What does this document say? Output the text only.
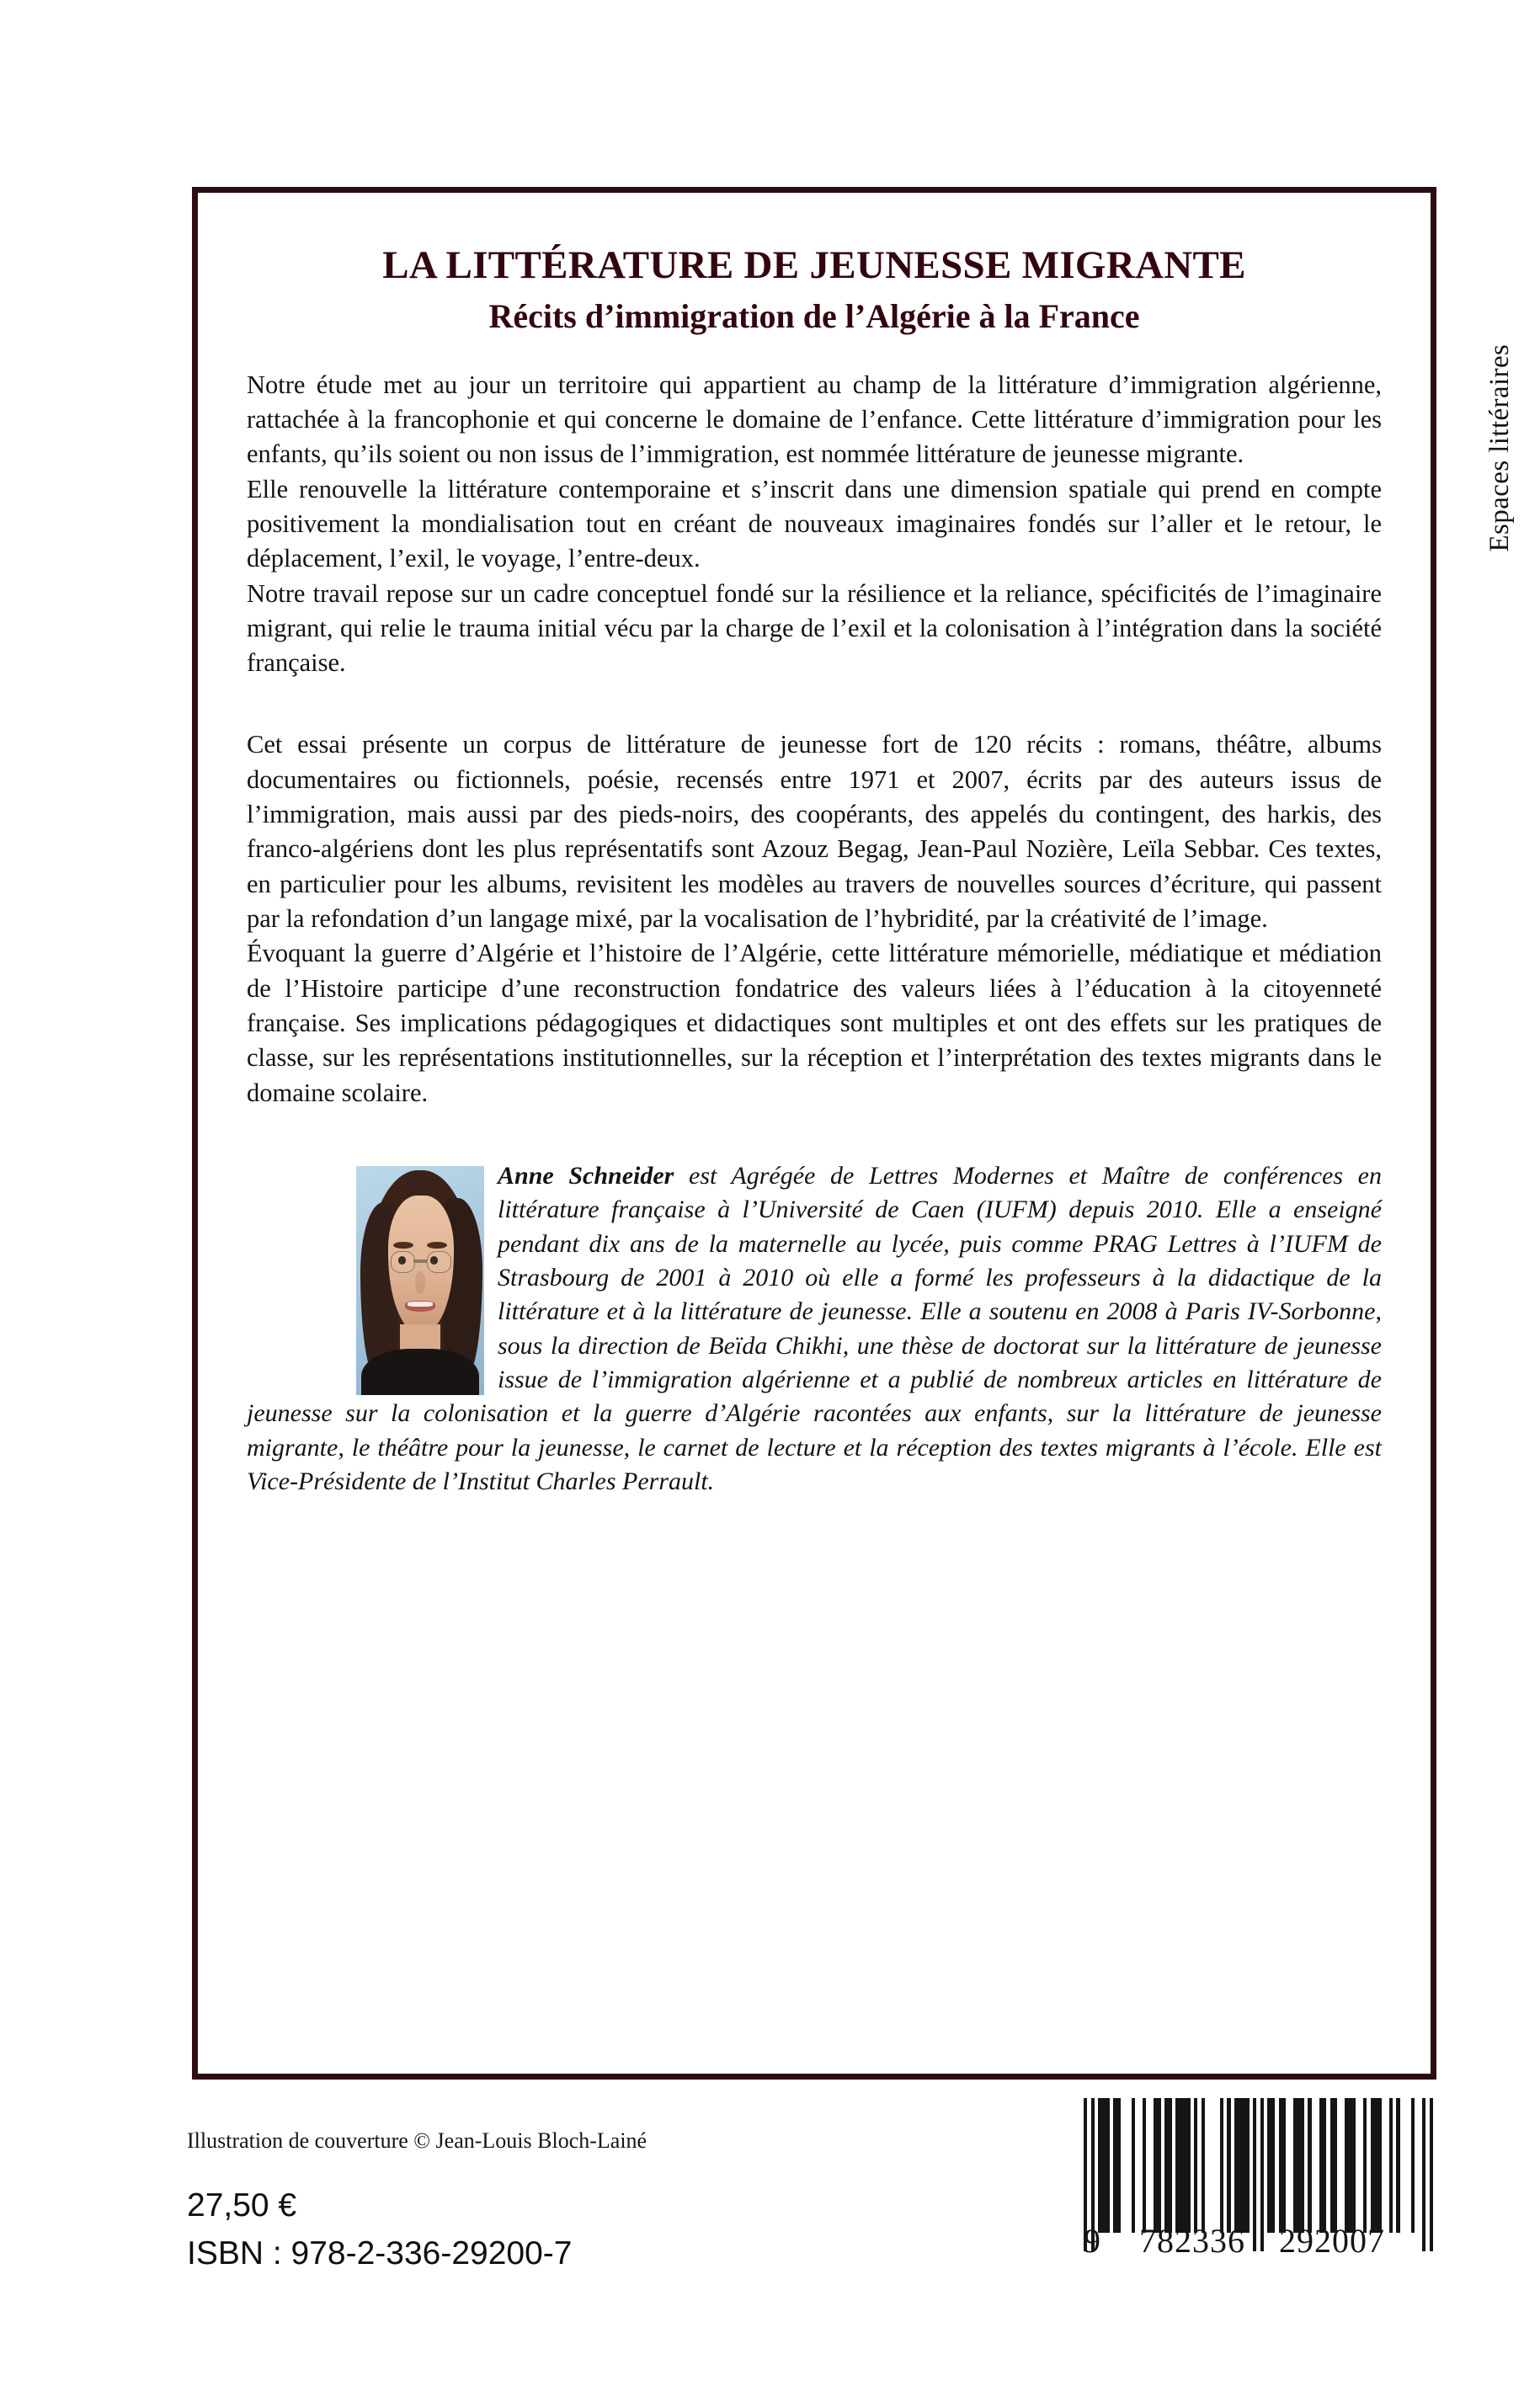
Espaces littéraires
LA LITTÉRATURE DE JEUNESSE MIGRANTE
Récits d’immigration de l’Algérie à la France

Notre étude met au jour un territoire qui appartient au champ de la littérature d’immigration algérienne, rattachée à la francophonie et qui concerne le domaine de l’enfance. Cette littérature d’immigration pour les enfants, qu’ils soient ou non issus de l’immigration, est nommée littérature de jeunesse migrante.

Elle renouvelle la littérature contemporaine et s’inscrit dans une dimension spatiale qui prend en compte positivement la mondialisation tout en créant de nouveaux imaginaires fondés sur l’aller et le retour, le déplacement, l’exil, le voyage, l’entre-deux.

Notre travail repose sur un cadre conceptuel fondé sur la résilience et la reliance, spécificités de l’imaginaire migrant, qui relie le trauma initial vécu par la charge de l’exil et la colonisation à l’intégration dans la société française.

Cet essai présente un corpus de littérature de jeunesse fort de 120 récits : romans, théâtre, albums documentaires ou fictionnels, poésie, recensés entre 1971 et 2007, écrits par des auteurs issus de l’immigration, mais aussi par des pieds-noirs, des coopérants, des appelés du contingent, des harkis, des franco-algériens dont les plus représentatifs sont Azouz Begag, Jean-Paul Nozière, Leïla Sebbar. Ces textes, en particulier pour les albums, revisitent les modèles au travers de nouvelles sources d’écriture, qui passent par la refondation d’un langage mixé, par la vocalisation de l’hybridité, par la créativité de l’image.

Évoquant la guerre d’Algérie et l’histoire de l’Algérie, cette littérature mémorielle, médiatique et médiation de l’Histoire participe d’une reconstruction fondatrice des valeurs liées à l’éducation à la citoyenneté française. Ses implications pédagogiques et didactiques sont multiples et ont des effets sur les pratiques de classe, sur les représentations institutionnelles, sur la réception et l’interprétation des textes migrants dans le domaine scolaire.

Anne Schneider est Agrégée de Lettres Modernes et Maître de conférences en littérature française à l’Université de Caen (IUFM) depuis 2010. Elle a enseigné pendant dix ans de la maternelle au lycée, puis comme PRAG Lettres à l’IUFM de Strasbourg de 2001 à 2010 où elle a formé les professeurs à la didactique de la littérature et à la littérature de jeunesse. Elle a soutenu en 2008 à Paris IV-Sorbonne, sous la direction de Beïda Chikhi, une thèse de doctorat sur la littérature de jeunesse issue de l’immigration algérienne et a publié de nombreux articles en littérature de jeunesse sur la colonisation et la guerre d’Algérie racontées aux enfants, sur la littérature de jeunesse migrante, le théâtre pour la jeunesse, le carnet de lecture et la réception des textes migrants à l’école. Elle est Vice-Présidente de l’Institut Charles Perrault.
Illustration de couverture © Jean-Louis Bloch-Lainé
27,50 €
ISBN : 978-2-336-29200-7	9 782336 292007
